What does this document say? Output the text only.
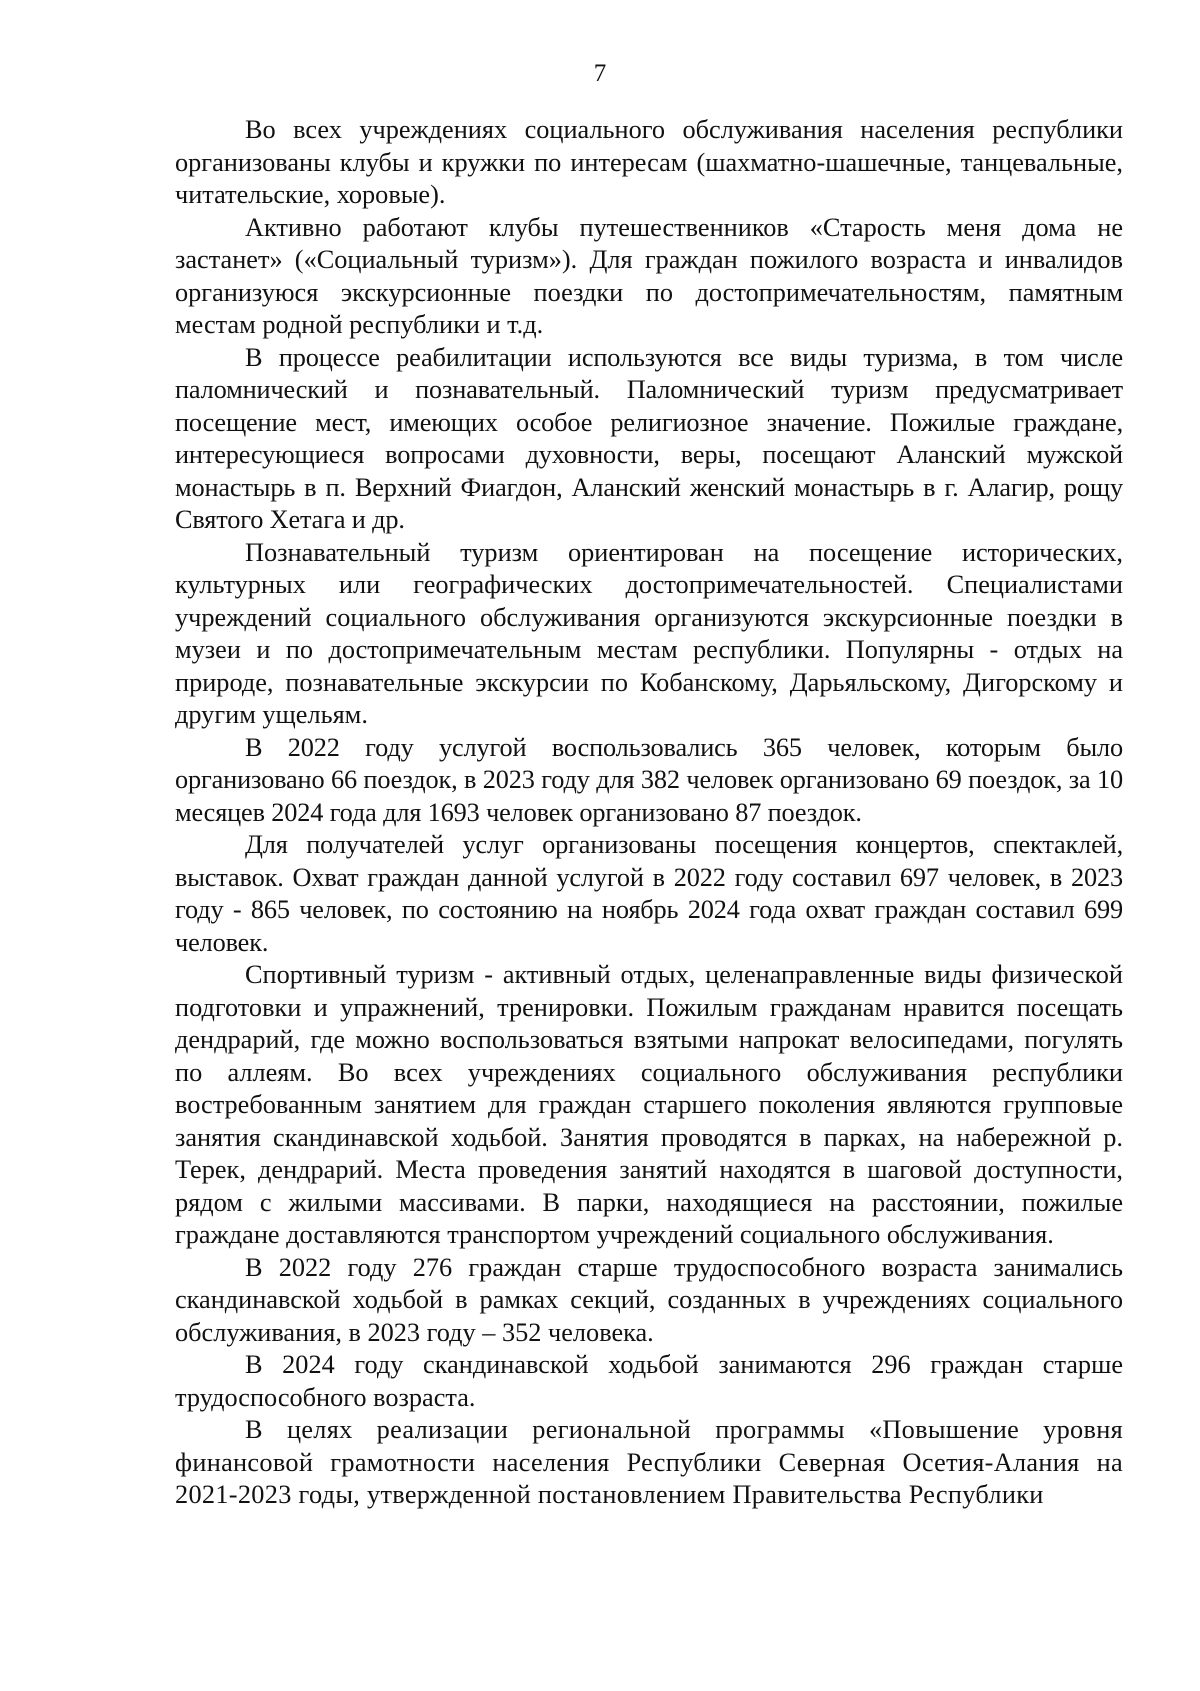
7

Во всех учреждениях социального обслуживания населения республики организованы клубы и кружки по интересам (шахматно-шашечные, танцевальные, читательские, хоровые).

Активно работают клубы путешественников «Старость меня дома не застанет» («Социальный туризм»). Для граждан пожилого возраста и инвалидов организуюся экскурсионные поездки по достопримечательностям, памятным местам родной республики и т.д.

В процессе реабилитации используются все виды туризма, в том числе паломнический и познавательный. Паломнический туризм предусматривает посещение мест, имеющих особое религиозное значение. Пожилые граждане, интересующиеся вопросами духовности, веры, посещают Аланский мужской монастырь в п. Верхний Фиагдон, Аланский женский монастырь в г. Алагир, рощу Святого Хетага и др.

Познавательный туризм ориентирован на посещение исторических, культурных или географических достопримечательностей. Специалистами учреждений социального обслуживания организуются экскурсионные поездки в музеи и по достопримечательным местам республики. Популярны - отдых на природе, познавательные экскурсии по Кобанскому, Дарьяльскому, Дигорскому и другим ущельям.

В 2022 году услугой воспользовались 365 человек, которым было организовано 66 поездок, в 2023 году для 382 человек организовано 69 поездок, за 10 месяцев 2024 года для 1693 человек организовано 87 поездок.

Для получателей услуг организованы посещения концертов, спектаклей, выставок. Охват граждан данной услугой в 2022 году составил 697 человек, в 2023 году - 865 человек, по состоянию на ноябрь 2024 года охват граждан составил 699 человек.

Спортивный туризм - активный отдых, целенаправленные виды физической подготовки и упражнений, тренировки. Пожилым гражданам нравится посещать дендрарий, где можно воспользоваться взятыми напрокат велосипедами, погулять по аллеям. Во всех учреждениях социального обслуживания республики востребованным занятием для граждан старшего поколения являются групповые занятия скандинавской ходьбой. Занятия проводятся в парках, на набережной р. Терек, дендрарий. Места проведения занятий находятся в шаговой доступности, рядом с жилыми массивами. В парки, находящиеся на расстоянии, пожилые граждане доставляются транспортом учреждений социального обслуживания.

В 2022 году 276 граждан старше трудоспособного возраста занимались скандинавской ходьбой в рамках секций, созданных в учреждениях социального обслуживания, в 2023 году – 352 человека.

В 2024 году скандинавской ходьбой занимаются 296 граждан старше трудоспособного возраста.

В целях реализации региональной программы «Повышение уровня финансовой грамотности населения Республики Северная Осетия-Алания на 2021-2023 годы, утвержденной постановлением Правительства Республики
